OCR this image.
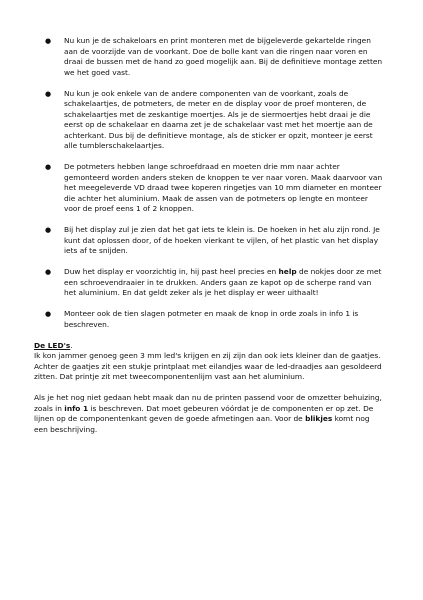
● Nu kun je de schakeloars en print monteren met de bijgeleverde gekartelde ringen aan de voorzijde van de voorkant. Doe de bolle kant van die ringen naar voren en draai de bussen met de hand zo goed mogelijk aan. Bij de definitieve montage zetten we het goed vast.
● Nu kun je ook enkele van de andere componenten van de voorkant, zoals de schakelaartjes, de potmeters, de meter en de display voor de proef monteren, de schakelaartjes met de zeskantige moertjes. Als je de siermoertjes hebt draai je die eerst op de schakelaar en daarna zet je de schakelaar vast met het moertje aan de achterkant. Dus bij de definitieve montage, als de sticker er opzit, monteer je eerst alle tumblerschakelaartjes.
● De potmeters hebben lange schroefdraad en moeten drie mm naar achter gemonteerd worden anders steken de knoppen te ver naar voren. Maak daarvoor van het meegeleverde VD draad twee koperen ringetjes van 10 mm diameter en monteer die achter het aluminium. Maak de assen van de potmeters op lengte en monteer voor de proef eens 1 of 2 knoppen.
● Bij het display zul je zien dat het gat iets te klein is. De hoeken in het alu zijn rond. Je kunt dat oplossen door, of de hoeken vierkant te vijlen, of het plastic van het display iets af te snijden.
● Duw het display er voorzichtig in, hij past heel precies en help de nokjes door ze met een schroevendraaier in te drukken. Anders gaan ze kapot op de scherpe rand van het aluminium. En dat geldt zeker als je het display er weer uithaalt!
● Monteer ook de tien slagen potmeter en maak de knop in orde zoals in info 1 is beschreven.
De LED's.

Ik kon jammer genoeg geen 3 mm led's krijgen en zij zijn dan ook iets kleiner dan de gaatjes. Achter de gaatjes zit een stukje printplaat met eilandjes waar de led-draadjes aan gesoldeerd zitten. Dat printje zit met tweecomponentenlijm vast aan het aluminium.

Als je het nog niet gedaan hebt maak dan nu de printen passend voor de omzetter behuizing, zoals in info 1 is beschreven. Dat moet gebeuren vóórdat je de componenten er op zet. De lijnen op de componentenkant geven de goede afmetingen aan. Voor de blikjes komt nog een beschrijving.
